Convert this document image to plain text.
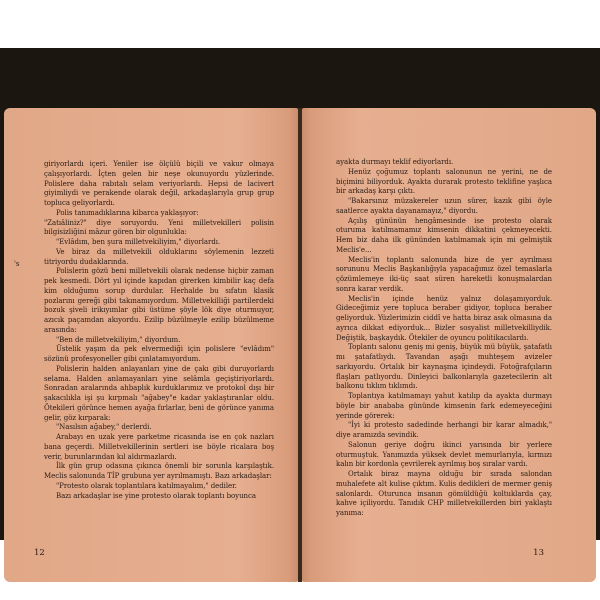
giriyorlardı içeri. Yeniler ise ölçülü biçili ve vakur olmaya çalışıyorlardı. İçten gelen bir neşe okunuyordu yüzlerinde. Polislere daha rabıtalı selam veriyorlardı. Hepsi de lacivert giyimliydi ve perakende olarak değil, arkadaşlarıyla grup grup topluca geliyorlardı.

Polis tanımadıklarına kibarca yaklaşıyor:

"Zatıâliniz?" diye soruyordu. Yeni milletvekilleri polisin bilgisizliğini mâzur gören bir olgunlukla:

"Evlâdım, ben şura milletvekiliyim," diyorlardı.

Ve biraz da milletvekili olduklarını söylemenin lezzeti titriyordu dudaklarında.

Polislerin gözü beni milletvekili olarak nedense hiçbir zaman pek kesmedi. Dört yıl içinde kapıdan girerken kimbilir kaç defa kim olduğumu sorup durdular. Herhalde bu sıfatın klasik pozlarını gereği gibi takınamıyordum. Milletvekilliği partilerdeki bozuk şiveli irikıyımlar gibi üstüme şöyle lök diye oturmuyor, azıcık paçamdan akıyordu. Ezilip büzülmeyle ezilip büzülmeme arasında:

"Ben de milletvekiliyim," diyordum.

Üstelik yaşım da pek elvermediği için polislere "evlâdım" sözünü profesyoneller gibi çınlatamıyordum.

Polislerin halden anlayanları yine de çakı gibi duruyorlardı selama. Halden anlamayanları yine selâmla geçiştiriyorlardı. Sonradan aralarında ahbaplık kurduklarımız ve protokol dışı bir şakacılıkla işi şu kırpmalı "ağabey"e kadar yaklaştıranlar oldu. Ötekileri görünce hemen ayağa fırlarlar, beni de görünce yanıma gelir, göz kırparak:

"Nasılsın ağabey," derlerdi.

Arabayı en uzak yere parketme ricasında ise en çok nazları bana geçerdi. Milletvekillerinin sertleri ise böyle ricalara boş verir, burunlarından kıl aldırmazlardı.

İlk gün grup odasına çıkınca önemli bir sorunla karşılaştık. Meclis salonunda TİP grubuna yer ayrılmamıştı. Bazı arkadaşlar:

"Protesto olarak toplantılara katılmayalım," dediler.

Bazı arkadaşlar ise yine protesto olarak toplantı boyunca

12

ayakta durmayı teklif ediyorlardı.

Henüz çoğumuz toplantı salonunun ne yerini, ne de biçimini biliyorduk. Ayakta durarak protesto teklifine yaşlıca bir arkadaş karşı çıktı.

"Bakarsınız müzakereler uzun sürer, kazık gibi öyle saatlerce ayakta dayanamayız," diyordu.

Açılış gününün hengâmesinde ise protesto olarak oturuma katılmamamız kimsenin dikkatini çekmeyecekti. Hem biz daha ilk gününden katılmamak için mi gelmiştik Meclis'e...

Meclis'in toplantı salonunda bize de yer ayrılması sorununu Meclis Başkanlığıyla yapacağımız özel temaslarla çözümlemeye iki-üç saat süren hareketli konuşmalardan sonra karar verdik.

Meclis'in içinde henüz yalnız dolaşamıyorduk. Gideceğimiz yere topluca beraber gidiyor, topluca beraber geliyorduk. Yüzlerimizin ciddî ve hatta biraz asık olmasına da ayrıca dikkat ediyorduk... Bizler sosyalist milletvekilliydik. Değiştik, başkaydık. Ötekiler de oyuncu politikacılardı.

Toplantı salonu geniş mi geniş, büyük mü büyük, şatafatlı mı şatafatlıydı. Tavandan aşağı muhteşem avizeler sarkıyordu. Ortalık bir kaynaşma içindeydi. Fotoğrafçıların flaşları patlıyordu. Dinleyici balkonlarıyla gazetecilerin alt balkonu tıklım tıklımdı.

Toplantıya katılmamayı yahut katılıp da ayakta durmayı böyle bir anababa gününde kimsenin fark edemeyeceğini yerinde görerek:

"İyi ki protesto sadedinde herhangi bir karar almadık," diye aramızda sevindik.

Salonun geriye doğru ikinci yarısında bir yerlere oturmuştuk. Yanımızda yüksek devlet memurlarıyla, kırmızı kalın bir kordonla çevrilerek ayrılmış boş sıralar vardı.

Ortalık biraz mayna olduğu bir sırada salondan muhalefete alt kulise çıktım. Kulis dedikleri de mermer geniş salonlardı. Oturunca insanın gömüldüğü koltuklarda çay, kahve içiliyordu. Tanıdık CHP milletvekillerden biri yaklaştı yanıma:

13
's
